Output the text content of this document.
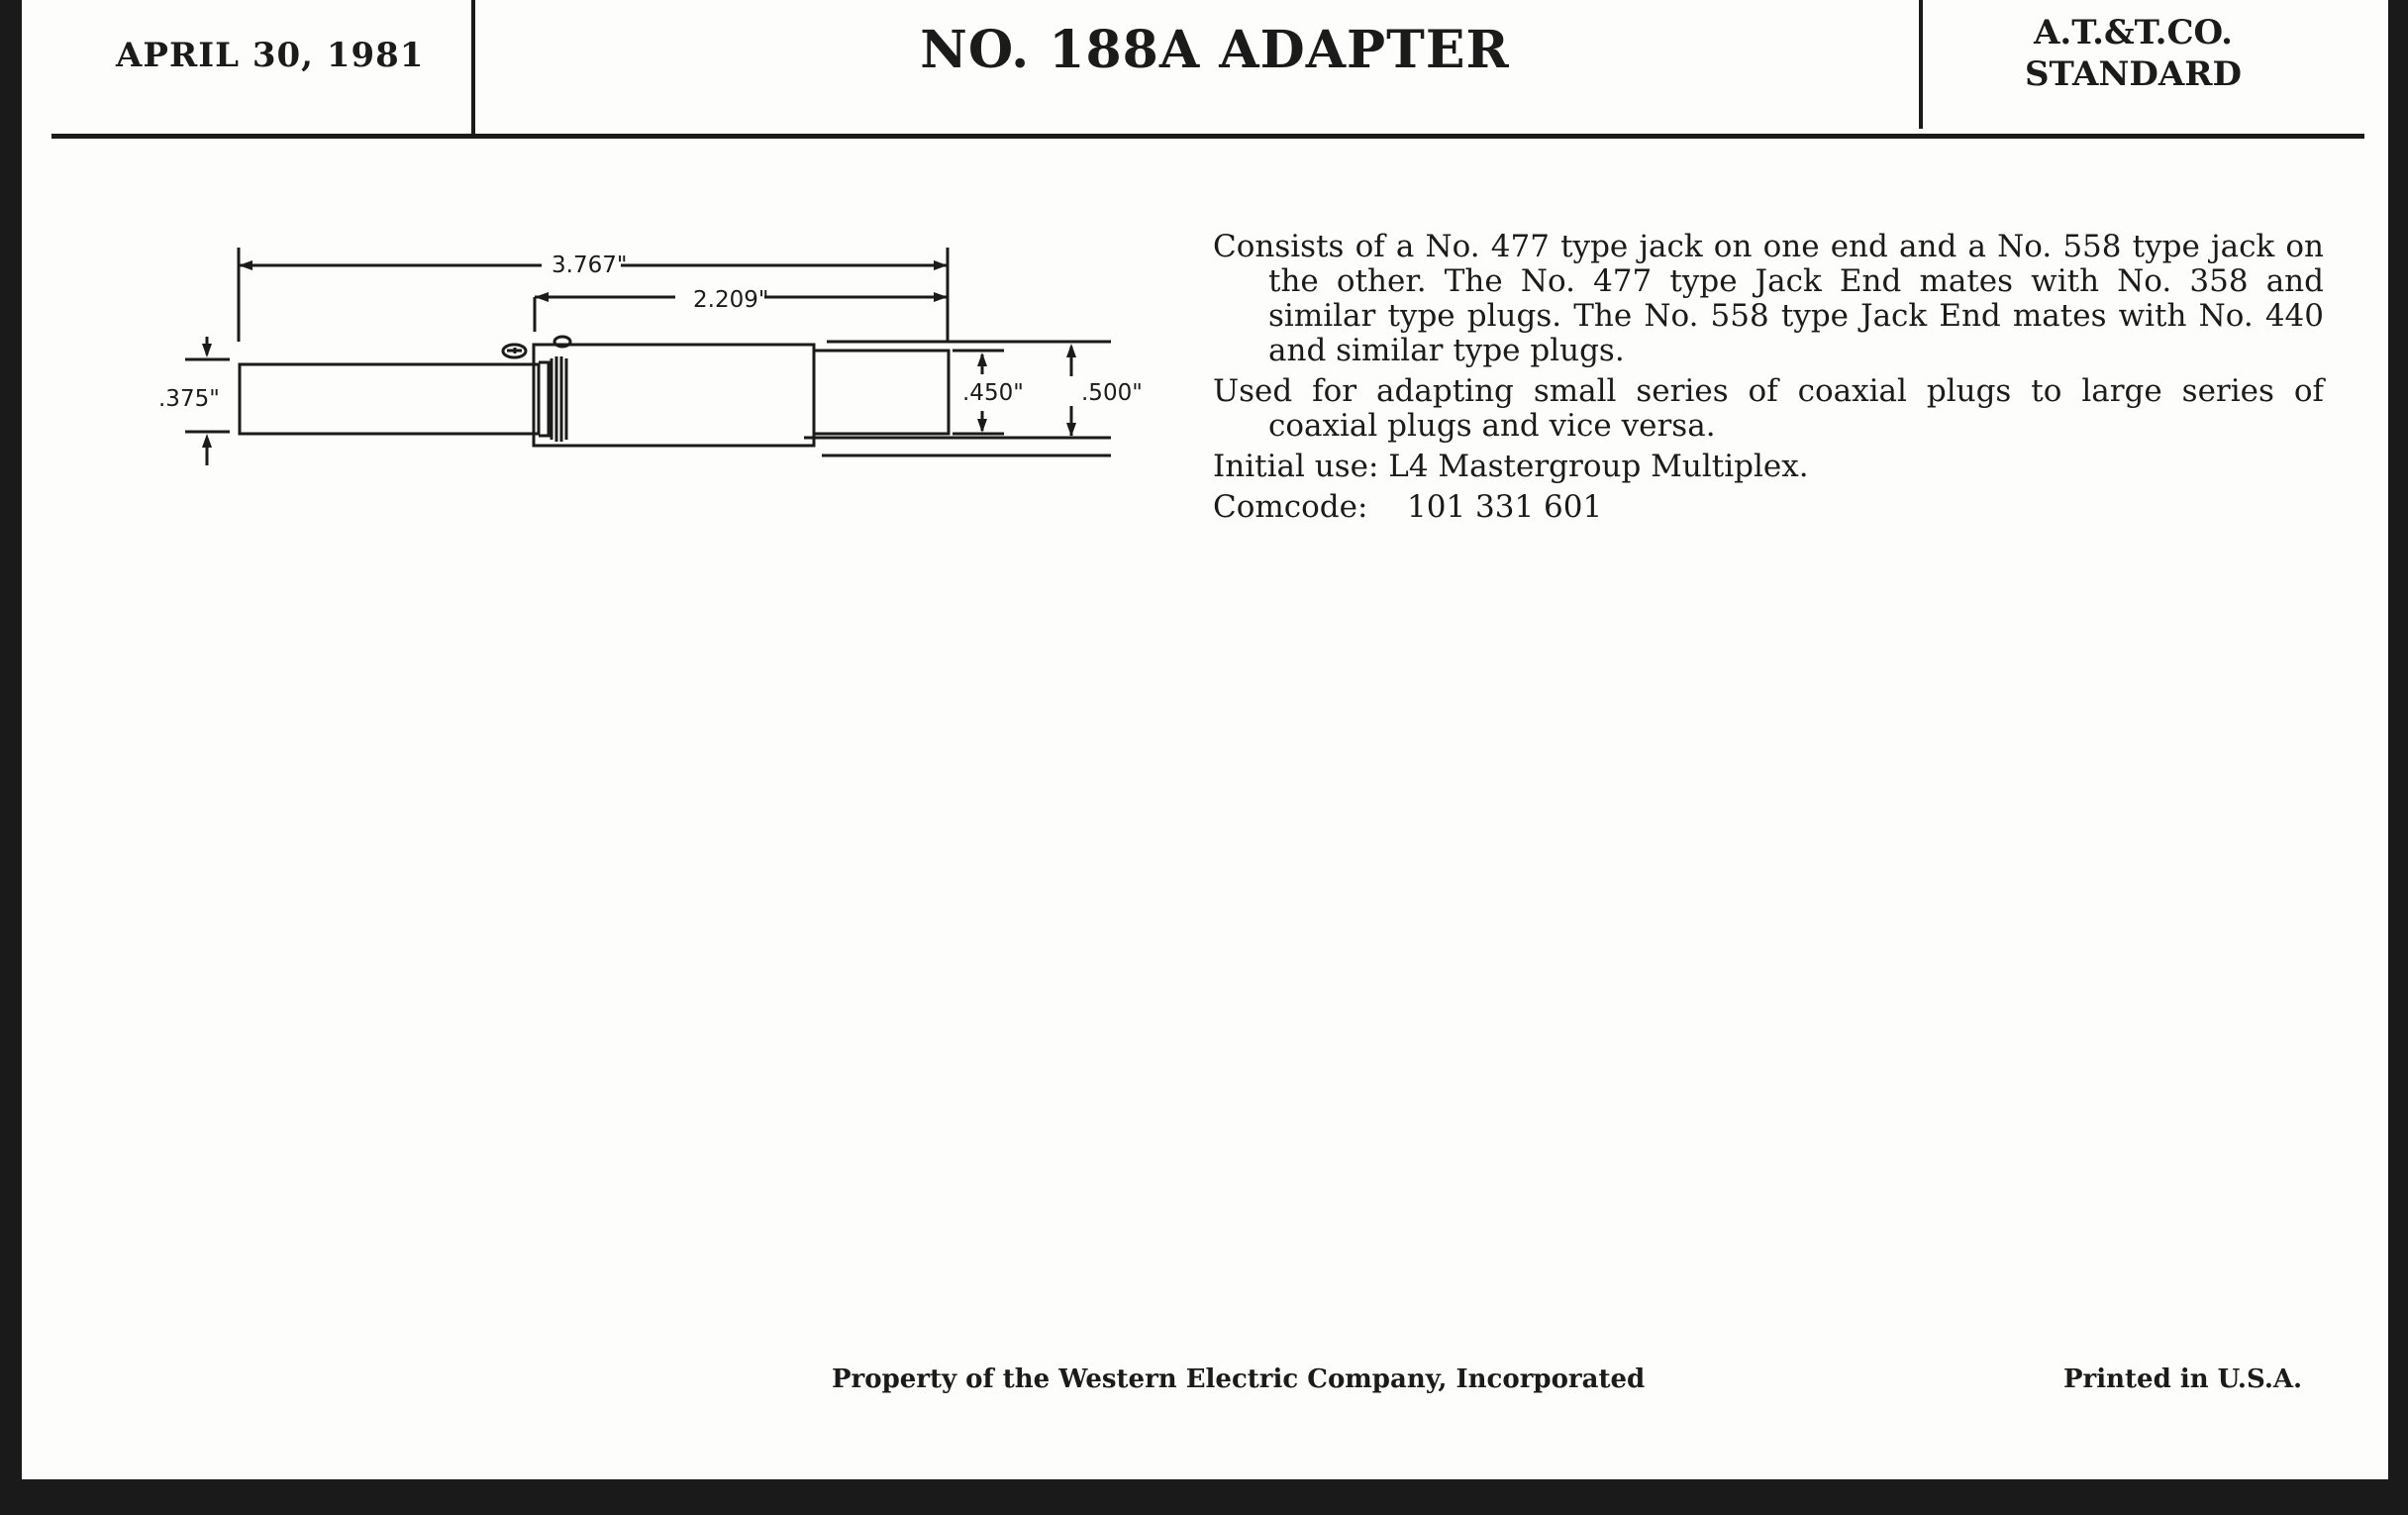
APRIL 30, 1981	NO. 188A ADAPTER	A.T.&T.CO.
STANDARD
3.767"
2.209"
.375"	.450"	.500"

Consists of a No. 477 type jack on one end and a No. 558 type jack on the other. The No. 477 type Jack End mates with No. 358 and similar type plugs. The No. 558 type Jack End mates with No. 440 and similar type plugs.

Used for adapting small series of coaxial plugs to large series of coaxial plugs and vice versa.

Initial use: L4 Mastergroup Multiplex.

Comcode: 101 331 601

Property of the Western Electric Company, Incorporated	Printed in U.S.A.
